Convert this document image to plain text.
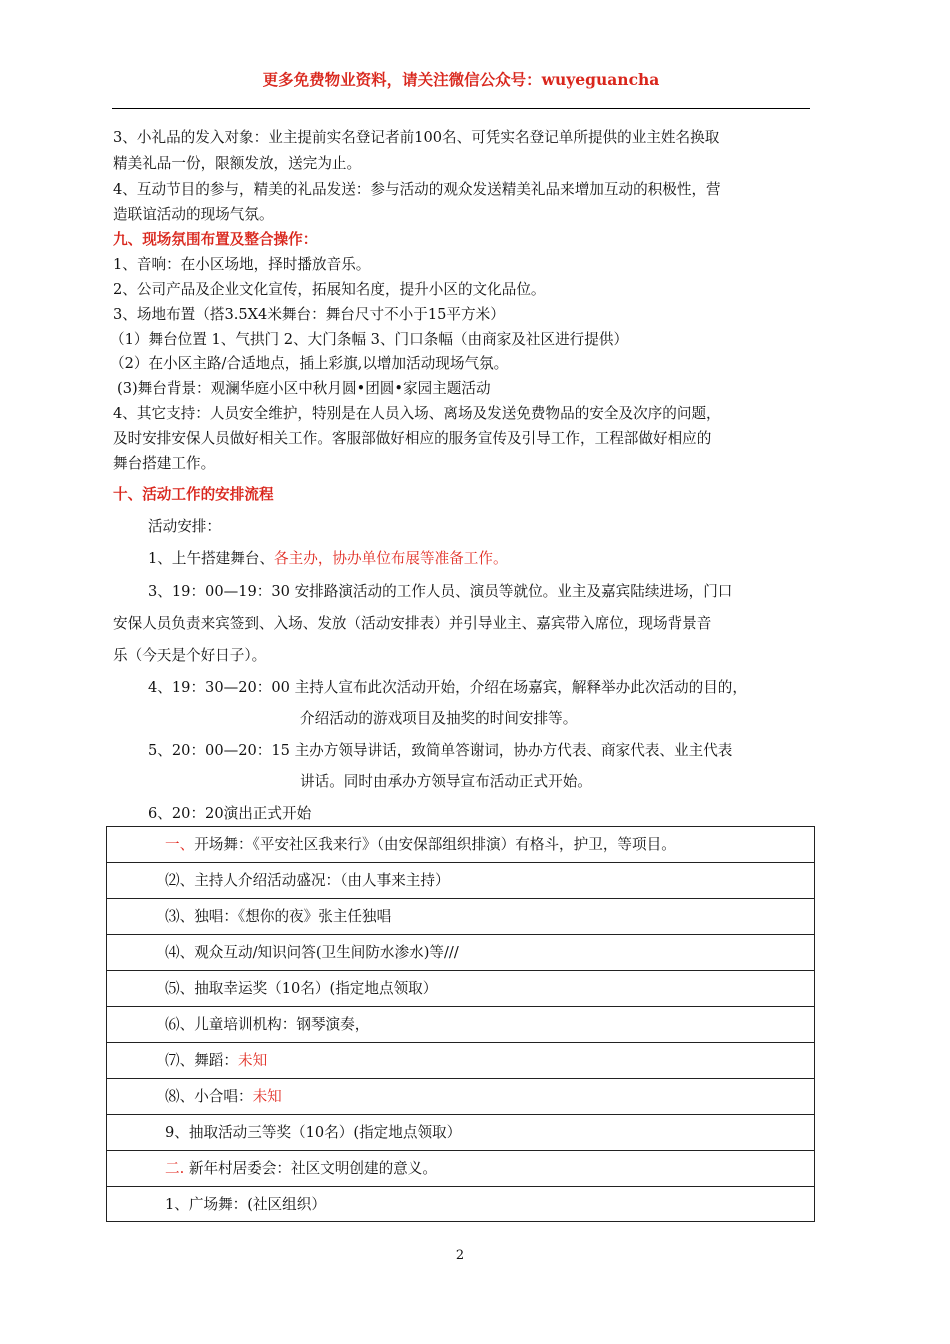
更多免费物业资料，请关注微信公众号：wuyeguancha
3、小礼品的发入对象：业主提前实名登记者前100名、可凭实名登记单所提供的业主姓名换取
精美礼品一份，限额发放，送完为止。
4、互动节目的参与，精美的礼品发送：参与活动的观众发送精美礼品来增加互动的积极性，营
造联谊活动的现场气氛。
九、现场氛围布置及整合操作：
1、音响：在小区场地，择时播放音乐。
2、公司产品及企业文化宣传，拓展知名度，提升小区的文化品位。
3、场地布置（搭3.5X4米舞台：舞台尺寸不小于15平方米）
（1）舞台位置 1、气拱门 2、大门条幅 3、门口条幅（由商家及社区进行提供）
（2）在小区主路/合适地点，插上彩旗,以增加活动现场气氛。
(3)舞台背景：观澜华庭小区中秋月圆•团圆•家园主题活动
4、其它支持：人员安全维护，特别是在人员入场、离场及发送免费物品的安全及次序的问题，
及时安排安保人员做好相关工作。客服部做好相应的服务宣传及引导工作，工程部做好相应的
舞台搭建工作。
十、活动工作的安排流程
活动安排：
1、上午搭建舞台、各主办，协办单位布展等准备工作。
3、19：00—19：30 安排路演活动的工作人员、演员等就位。业主及嘉宾陆续进场，门口
安保人员负责来宾签到、入场、发放（活动安排表）并引导业主、嘉宾带入席位，现场背景音
乐（今天是个好日子）。
4、19：30—20：00 主持人宣布此次活动开始，介绍在场嘉宾，解释举办此次活动的目的，
介绍活动的游戏项目及抽奖的时间安排等。
5、20：00—20：15 主办方领导讲话，致简单答谢词，协办方代表、商家代表、业主代表
讲话。同时由承办方领导宣布活动正式开始。
6、20：20演出正式开始
一、开场舞：《平安社区我来行》（由安保部组织排演）有格斗，护卫，等项目。
⑵、主持人介绍活动盛况：（由人事来主持）
⑶、独唱：《想你的夜》张主任独唱
⑷、观众互动/知识问答(卫生间防水渗水)等///
⑸、抽取幸运奖（10名）(指定地点领取）
⑹、儿童培训机构：钢琴演奏，
⑺、舞蹈：未知
⑻、小合唱：未知
9、抽取活动三等奖（10名）(指定地点领取）
二. 新年村居委会：社区文明创建的意义。
1、广场舞：(社区组织）
2
